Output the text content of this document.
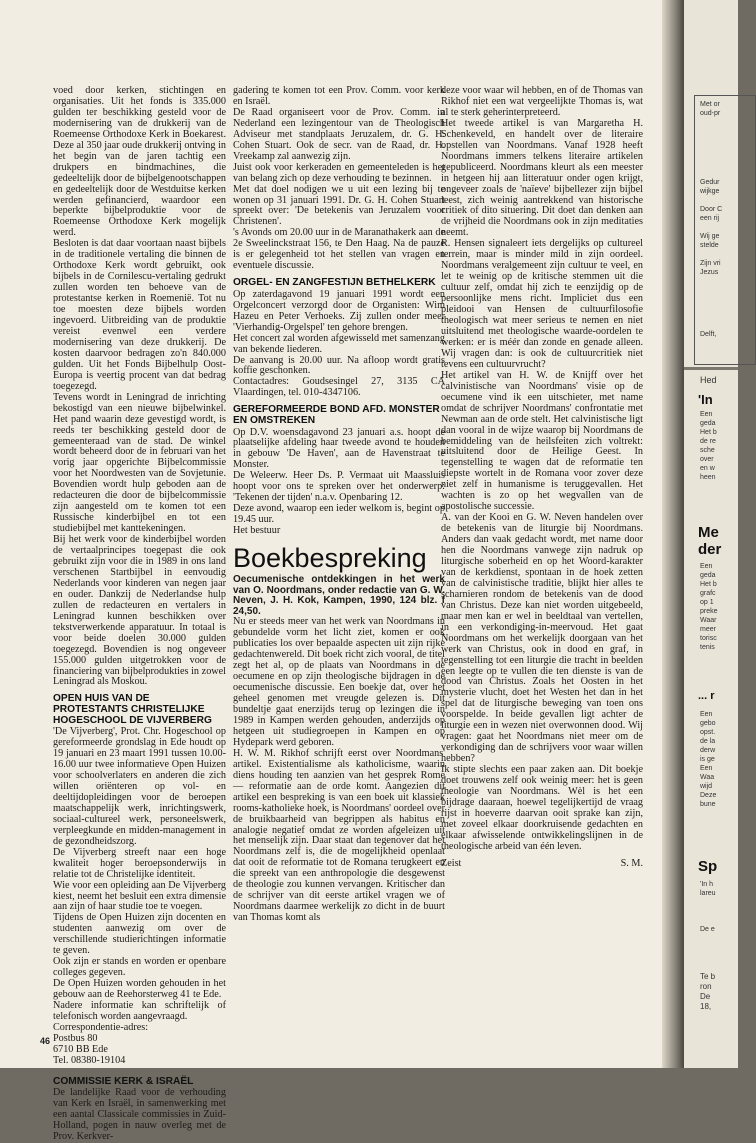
voed door kerken, stichtingen en organisaties. Uit het fonds is 335.000 gulden ter beschikking gesteld voor de modernisering van de drukkerij van de Roemeense Orthodoxe Kerk in Boekarest. Deze al 350 jaar oude drukkerij ontving in het begin van de jaren tachtig een drukpers en bindmachines, die gedeeltelijk door de bijbelgenootschappen en gedeeltelijk door de Westduitse kerken werden gefinancierd, waardoor een beperkte bijbelproduktie voor de Roemeense Orthodoxe Kerk mogelijk werd.

Besloten is dat daar voortaan naast bijbels in de traditionele vertaling die binnen de Orthodoxe Kerk wordt gebruikt, ook bijbels in de Cornilescu-vertaling gedrukt zullen worden ten behoeve van de protestantse kerken in Roemenië. Tot nu toe moesten deze bijbels worden ingevoerd. Uitbreiding van de produktie vereist evenwel een verdere modernisering van deze drukkerij. De kosten daarvoor bedragen zo'n 840.000 gulden. Uit het Fonds Bijbelhulp Oost-Europa is veertig procent van dat bedrag toegezegd.

Tevens wordt in Leningrad de inrichting bekostigd van een nieuwe bijbelwinkel. Het pand waarin deze gevestigd wordt, is reeds ter beschikking gesteld door de gemeenteraad van de stad. De winkel wordt beheerd door de in februari van het vorig jaar opgerichte Bijbelcommissie voor het Noordwesten van de Sovjetunie. Bovendien wordt hulp geboden aan de redacteuren die door de bijbelcommissie zijn aangesteld om te komen tot een Russische kinderbijbel en tot een studiebijbel met kanttekeningen.

Bij het werk voor de kinderbijbel worden de vertaalprincipes toegepast die ook gebruikt zijn voor die in 1989 in ons land verschenen Startbijbel in eenvoudig Nederlands voor kinderen van negen jaar en ouder. Dankzij de Nederlandse hulp zullen de redacteuren en vertalers in Leningrad kunnen beschikken over tekstverwerkende apparatuur. In totaal is voor beide doelen 30.000 gulden toegezegd. Bovendien is nog ongeveer 155.000 gulden uitgetrokken voor de financiering van bijbelprodukties in zowel Leningrad als Moskou.

OPEN HUIS VAN DE PROTESTANTS CHRISTELIJKE HOGESCHOOL DE VIJVERBERG

'De Vijverberg', Prot. Chr. Hogeschool op gereformeerde grondslag in Ede houdt op 19 januari en 23 maart 1991 tussen 10.00-16.00 uur twee informatieve Open Huizen voor schoolverlaters en anderen die zich willen oriënteren op vol- en deeltijdopleidingen voor de beroepen maatschappelijk werk, inrichtingswerk, sociaal-cultureel werk, personeelswerk, verpleegkunde en midden-management in de gezondheidszorg.

De Vijverberg streeft naar een hoge kwaliteit hoger beroepsonderwijs in relatie tot de Christelijke identiteit.

Wie voor een opleiding aan De Vijverberg kiest, neemt het besluit een extra dimensie aan zijn of haar studie toe te voegen.

Tijdens de Open Huizen zijn docenten en studenten aanwezig om over de verschillende studierichtingen informatie te geven.

Ook zijn er stands en worden er openbare colleges gegeven.

De Open Huizen worden gehouden in het gebouw aan de Reehorsterweg 41 te Ede.

Nadere informatie kan schriftelijk of telefonisch worden aangevraagd.

Correspondentie-adres:

Postbus 80

6710 BB Ede

Tel. 08380-19104

COMMISSIE KERK & ISRAËL

De landelijke Raad voor de verhouding van Kerk en Israël, in samenwerking met een aantal Classicale commissies in Zuid-Holland, pogen in nauw overleg met de Prov. Kerkver-

gadering te komen tot een Prov. Comm. voor kerk en Israël.

De Raad organiseert voor de Prov. Comm. in Nederland een lezingentour van de Theologisch Adviseur met standplaats Jeruzalem, dr. G. H. Cohen Stuart. Ook de secr. van de Raad, dr. H. Vreekamp zal aanwezig zijn.

Juist ook voor kerkeraden en gemeenteleden is het van belang zich op deze verhouding te bezinnen.

Met dat doel nodigen we u uit een lezing bij te wonen op 31 januari 1991. Dr. G. H. Cohen Stuart spreekt over: 'De betekenis van Jeruzalem voor Christenen'.

's Avonds om 20.00 uur in de Maranathakerk aan de 2e Sweelinckstraat 156, te Den Haag. Na de pauze is er gelegenheid tot het stellen van vragen en eventuele discussie.

ORGEL- EN ZANGFESTIJN BETHELKERK

Op zaterdagavond 19 januari 1991 wordt een Orgelconcert verzorgd door de Organisten: Wim Hazeu en Peter Verhoeks. Zij zullen onder meer 'Vierhandig-Orgelspel' ten gehore brengen.

Het concert zal worden afgewisseld met samenzang van bekende liederen.

De aanvang is 20.00 uur. Na afloop wordt gratis koffie geschonken.

Contactadres: Goudsesingel 27, 3135 CA Vlaardingen, tel. 010-4347106.

GEREFORMEERDE BOND AFD. MONSTER EN OMSTREKEN

Op D.V. woensdagavond 23 januari a.s. hoopt de plaatselijke afdeling haar tweede avond te houden in gebouw 'De Haven', aan de Havenstraat te Monster.

De Weleerw. Heer Ds. P. Vermaat uit Maassluis hoopt voor ons te spreken over het onderwerp: 'Tekenen der tijden' n.a.v. Openbaring 12.

Deze avond, waarop een ieder welkom is, begint op 19.45 uur.

Het bestuur

Boekbespreking

Oecumenische ontdekkingen in het werk van O. Noordmans, onder redactie van G. W. Neven, J. H. Kok, Kampen, 1990, 124 blz. f 24,50.

Nu er steeds meer van het werk van Noordmans in gebundelde vorm het licht ziet, komen er ook publicaties los over bepaalde aspecten uit zijn rijke gedachtenwereld. Dit boek richt zich vooral, de titel zegt het al, op de plaats van Noordmans in de oecumene en op zijn theologische bijdragen in de oecumenische discussie. Een boekje dat, over het geheel genomen met vreugde gelezen is. Dit bundeltje gaat enerzijds terug op lezingen die in 1989 in Kampen werden gehouden, anderzijds op hetgeen uit studiegroepen in Kampen en op Hydepark werd geboren.

H. W. M. Rikhof schrijft eerst over Noordmans' artikel. Existentialisme als katholicisme, waarin diens houding ten aanzien van het gesprek Rome — reformatie aan de orde komt. Aangezien dit artikel een bespreking is van een boek uit klassiek rooms-katholieke hoek, is Noordmans' oordeel over de bruikbaarheid van begrippen als habitus en analogie negatief omdat ze worden afgeleizen uit het menselijk zijn. Daar staat dan tegenover dat het Noordmans zelf is, die de mogelijkheid openlaat dat ooit de reformatie tot de Romana terugkeert en die spreekt van een anthropologie die desgewenst de theologie zou kunnen vervangen. Kritischer dan de schrijver van dit eerste artikel vragen we of Noordmans daarmee werkelijk zo dicht in de buurt van Thomas komt als

deze voor waar wil hebben, en of de Thomas van Rikhof niet een wat vergeelijkte Thomas is, wat al te sterk geherinterpreteerd.

Het tweede artikel is van Margaretha H. Schenkeveld, en handelt over de literaire opstellen van Noordmans. Vanaf 1928 heeft Noordmans immers telkens literaire artikelen gepubliceerd. Noordmans kleurt als een meester in hetgeen hij aan litteratuur onder ogen krijgt, ongeveer zoals de 'naïeve' bijbellezer zijn bijbel leest, zich weinig aantrekkend van historische critiek of dito situering. Dit doet dan denken aan de vrijheid die Noordmans ook in zijn meditaties neemt.

R. Hensen signaleert iets dergelijks op cultureel terrein, maar is minder mild in zijn oordeel. Noordmans veralgemeent zijn cultuur te veel, en let te weinig op de kritische stemmen uit die cultuur zelf, omdat hij zich te eenzijdig op de persoonlijke mens richt. Impliciet dus een pleidooi van Hensen de cultuurfilosofie theologisch wat meer serieus te nemen en niet uitsluitend met theologische waarde-oordelen te werken: er is méér dan zonde en genade alleen. Wij vragen dan: is ook de cultuurcritiek niet tevens een cultuurvrucht?

Het artikel van H. W. de Knijff over het calvinistische van Noordmans' visie op de oecumene vind ik een uitschieter, met name omdat de schrijver Noordmans' confrontatie met Newman aan de orde stelt. Het calvinistische ligt dan vooral in de wijze waarop bij Noordmans de bemiddeling van de heilsfeiten zich voltrekt: uitsluitend door de Heilige Geest. In tegenstelling te wagen dat de reformatie ten diepste wortelt in de Romana voor zover deze niet zelf in humanisme is teruggevallen. Het wachten is zo op het wegvallen van de apostolische successie.

A. van der Kooi en G. W. Neven handelen over de betekenis van de liturgie bij Noordmans. Anders dan vaak gedacht wordt, met name door hen die Noordmans vanwege zijn nadruk op liturgische soberheid en op het Woord-karakter van de kerkdienst, spontaan in de hoek zetten van de calvinistische traditie, blijkt hier alles te scharnieren rondom de betekenis van de dood van Christus. Deze kan niet worden uitgebeeld, maar men kan er wel in beeldtaal van vertellen, in een verkondiging-in-meervoud. Het gaat Noordmans om het werkelijk doorgaan van het werk van Christus, ook in dood en graf, in tegenstelling tot een liturgie die tracht in beelden een leegte op te vullen die ten dienste is van de dood van Christus. Zoals het Oosten in het mysterie vlucht, doet het Westen het dan in het spel dat de liturgische beweging van toen ons voorspelde. In beide gevallen ligt achter de liturgie een in wezen niet overwonnen dood. Wij vragen: gaat het Noordmans niet meer om de verkondiging dan de schrijvers voor waar willen hebben?

Ik stipte slechts een paar zaken aan. Dit boekje doet trouwens zelf ook weinig meer: het is geen theologie van Noordmans. Wèl is het een bijdrage daaraan, hoewel tegelijkertijd de vraag rijst in hoeverre daarvan ooit sprake kan zijn, met zoveel elkaar doorkruisende gedachten en elkaar afwisselende ontwikkelingslijnen in de theologische arbeid van één leven.

Zeist	S. M.
46
Met or
oud-pr
Gedur
wijkge
Door C
een rij
Wij ge
stelde
Zijn vri
Jezus
Delft,
Hed
'In
Een
geda
Het b
de re
sche
over
en w
heen
Me
der
Een
geda
Het b
grafc
op 1
preke
Waar
meer
torisc
tenis
... r
Een
gebo
opst.
de la
derw
is ge
Een
Waa
wijd
Deze
bune
Sp
'In h
lareu
De e
Te b
ron
De
18,
